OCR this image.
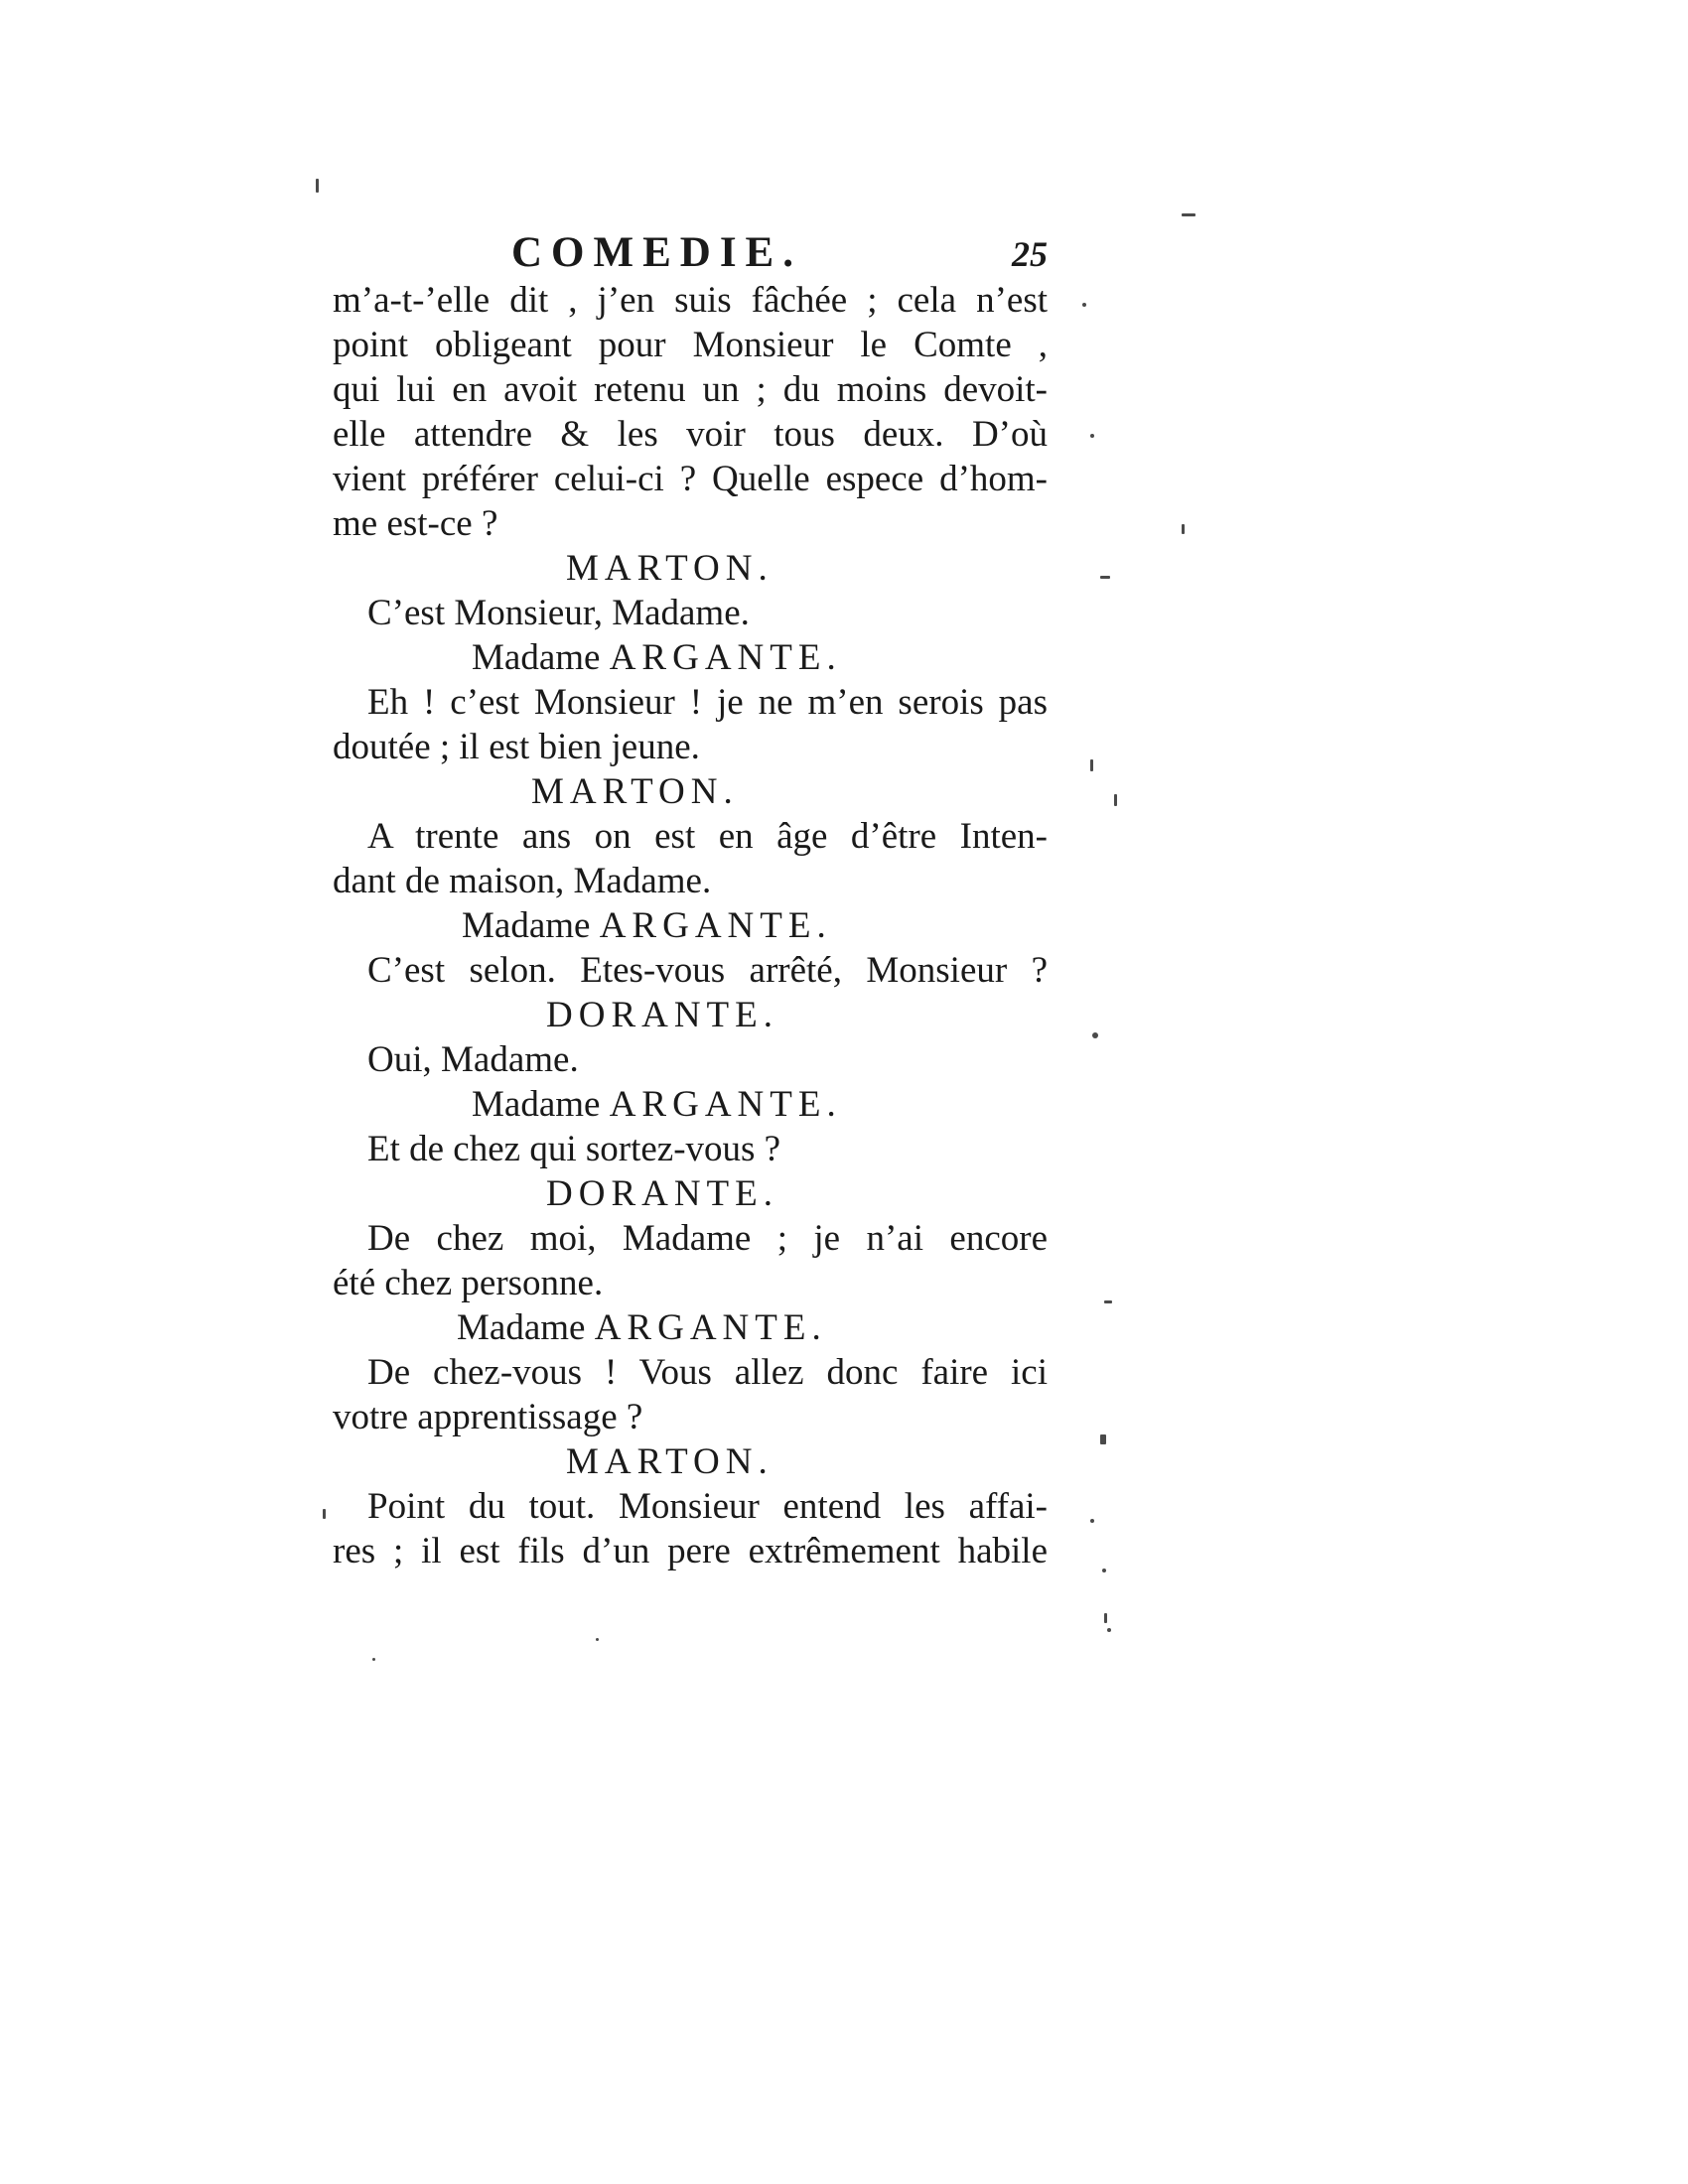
COMEDIE.	25
m’a-t-’elle dit , j’en suis fâchée ; cela n’est
point obligeant pour Monsieur le Comte ,
qui lui en avoit retenu un ; du moins devoit-
elle attendre & les voir tous deux. D’où
vient préférer celui-ci ? Quelle espece d’hom-
me est-ce ?
MARTON.
C’est Monsieur, Madame.
Madame ARGANTE.
Eh ! c’est Monsieur ! je ne m’en serois pas
doutée ; il est bien jeune.
MARTON.
A trente ans on est en âge d’être Inten-
dant de maison, Madame.
Madame ARGANTE.
C’est selon. Etes-vous arrêté, Monsieur ?
DORANTE.
Oui, Madame.
Madame ARGANTE.
Et de chez qui sortez-vous ?
DORANTE.
De chez moi, Madame ; je n’ai encore
été chez personne.
Madame ARGANTE.
De chez-vous ! Vous allez donc faire ici
votre apprentissage ?
MARTON.
Point du tout. Monsieur entend les affai-
res ; il est fils d’un pere extrêmement habile
